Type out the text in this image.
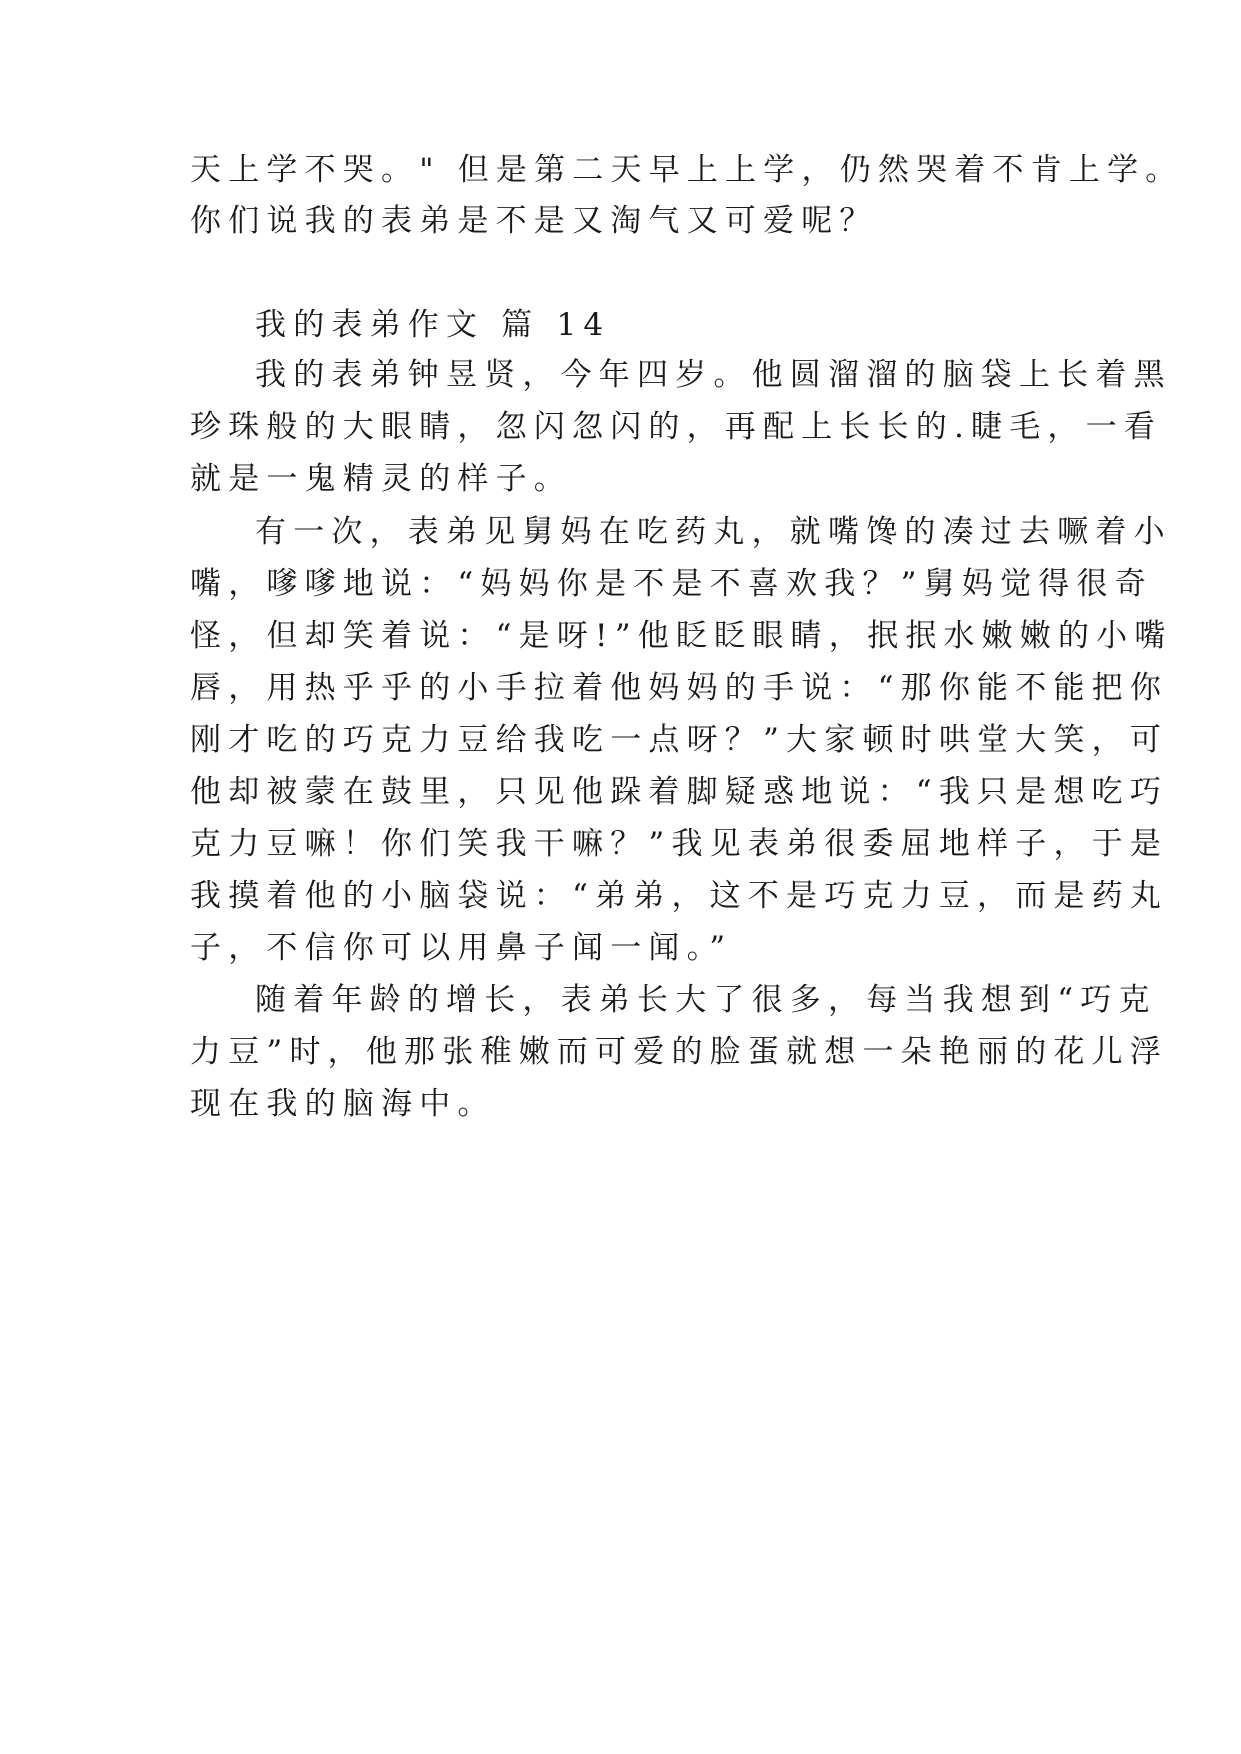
天上学不哭。" 但是第二天早上上学，仍然哭着不肯上学。
你们说我的表弟是不是又淘气又可爱呢？
我的表弟作文 篇 14
我的表弟钟昱贤，今年四岁。他圆溜溜的脑袋上长着黑
珍珠般的大眼睛，忽闪忽闪的，再配上长长的.睫毛，一看
就是一鬼精灵的样子。
有一次，表弟见舅妈在吃药丸，就嘴馋的凑过去噘着小
嘴，嗲嗲地说：“妈妈你是不是不喜欢我？”舅妈觉得很奇
怪，但却笑着说：“是呀!”他眨眨眼睛，抿抿水嫩嫩的小嘴
唇，用热乎乎的小手拉着他妈妈的手说：“那你能不能把你
刚才吃的巧克力豆给我吃一点呀？”大家顿时哄堂大笑，可
他却被蒙在鼓里，只见他跺着脚疑惑地说：“我只是想吃巧
克力豆嘛！你们笑我干嘛？”我见表弟很委屈地样子，于是
我摸着他的小脑袋说：“弟弟，这不是巧克力豆，而是药丸
子，不信你可以用鼻子闻一闻。”
随着年龄的增长，表弟长大了很多，每当我想到“巧克
力豆”时，他那张稚嫩而可爱的脸蛋就想一朵艳丽的花儿浮
现在我的脑海中。
